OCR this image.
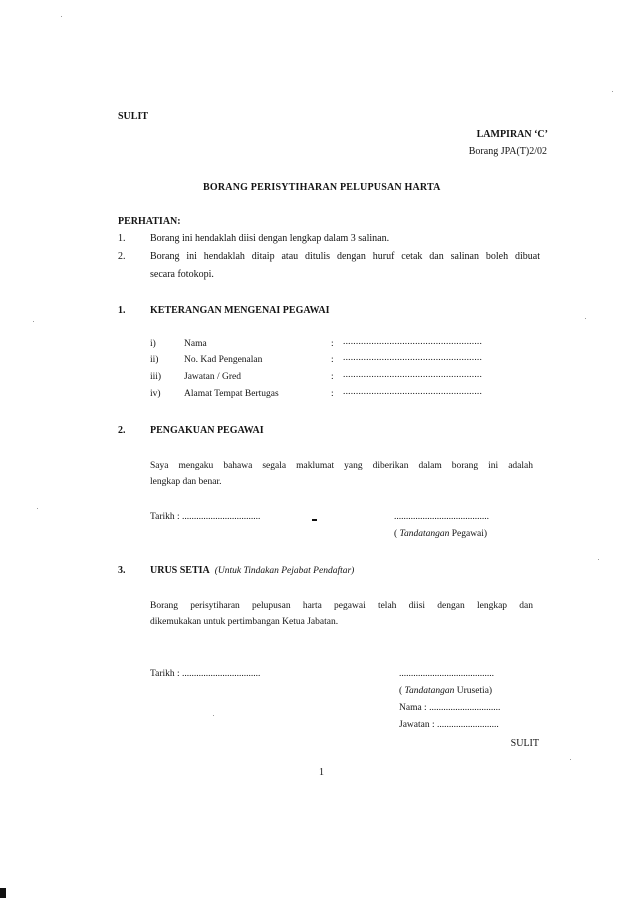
SULIT
LAMPIRAN ‘C’
Borang JPA(T)2/02
BORANG PERISYTIHARAN PELUPUSAN HARTA
PERHATIAN:
1. Borang ini hendaklah diisi dengan lengkap dalam 3 salinan.
2. Borang ini hendaklah ditaip atau ditulis dengan huruf cetak dan salinan boleh dibuat
secara fotokopi.
1. KETERANGAN MENGENAI PEGAWAI
i)	Nama	: ......................................................
ii)	No. Kad Pengenalan	: ......................................................
iii) Jawatan / Gred	: ......................................................
iv) Alamat Tempat Bertugas	: ......................................................
2. PENGAKUAN PEGAWAI
Saya mengaku bahawa segala maklumat yang diberikan dalam borang ini adalah
lengkap dan benar.
Tarikh : .................................	........................................
( Tandatangan Pegawai)
3. URUS SETIA (Untuk Tindakan Pejabat Pendaftar)
Borang perisytiharan pelupusan harta pegawai telah diisi dengan lengkap dan
dikemukakan untuk pertimbangan Ketua Jabatan.
Tarikh : .................................	........................................
( Tandatangan Urusetia)
Nama : ..............................
Jawatan : ..........................
SULIT
1
